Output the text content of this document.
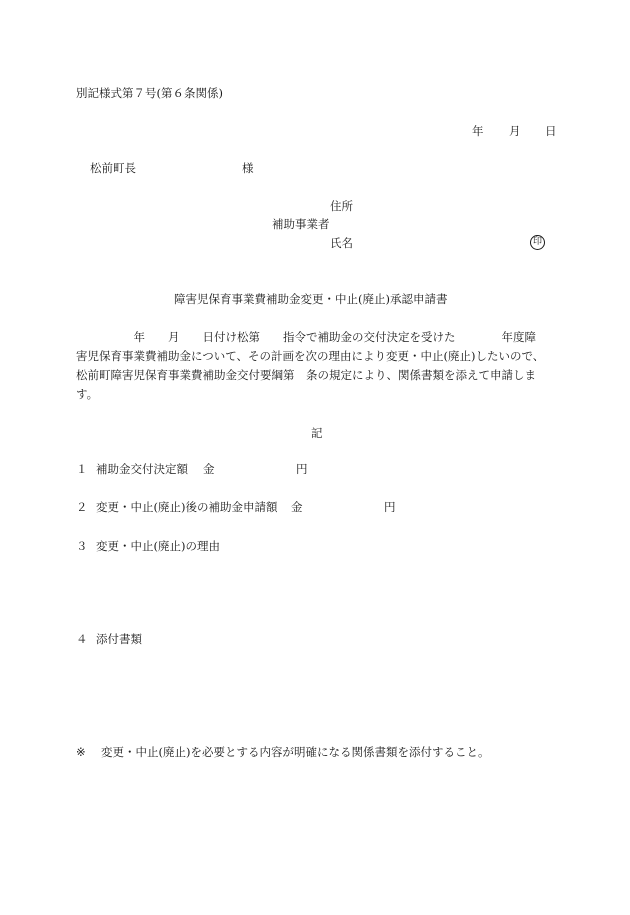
別記様式第７号(第６条関係)
年 月 日
松前町長	様
住所
補助事業者
氏名	印
障害児保育事業費補助金変更・中止(廃止)承認申請書
　　　　　年　　月　　日付け松第　　指令で補助金の交付決定を受けた　　　　年度障
害児保育事業費補助金について、その計画を次の理由により変更・中止(廃止)したいので、
松前町障害児保育事業費補助金交付要綱第　条の規定により、関係書類を添えて申請しま
す。
記
１ 補助金交付決定額 金	円
２ 変更・中止(廃止)後の補助金申請額 金	円
３ 変更・中止(廃止)の理由
４ 添付書類
※ 変更・中止(廃止)を必要とする内容が明確になる関係書類を添付すること。
